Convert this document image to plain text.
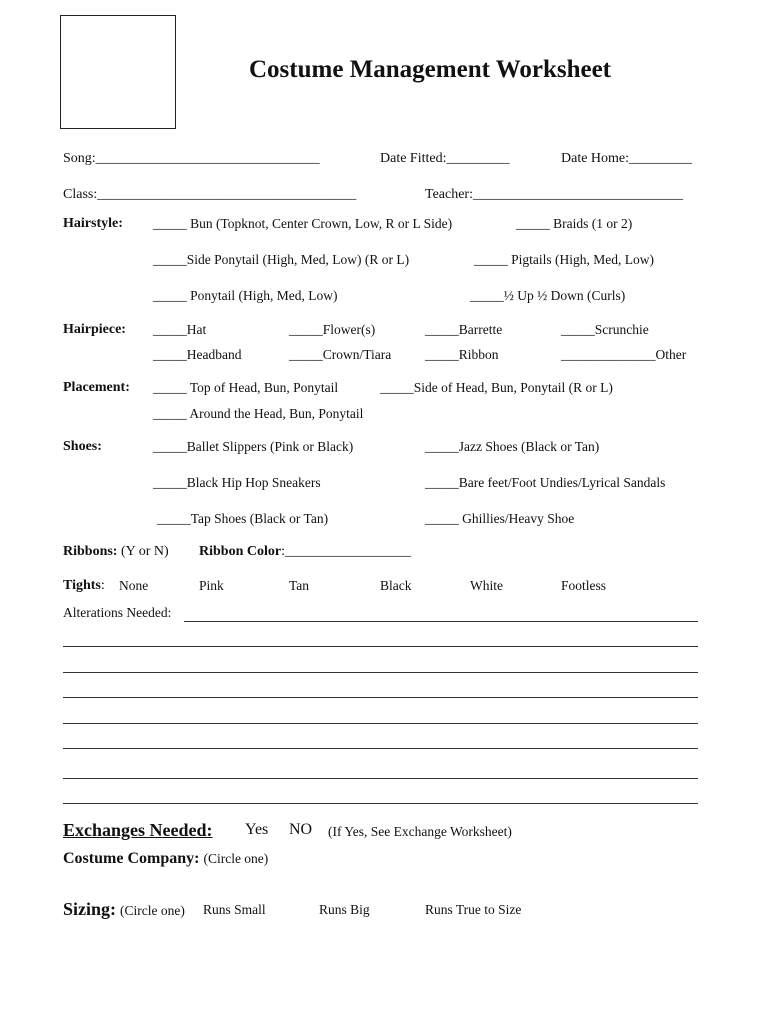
Costume Management Worksheet
Song:________________________________	Date Fitted:_________	Date Home:_________
Class:_____________________________________	Teacher:______________________________
Hairstyle: _____ Bun (Topknot, Center Crown, Low, R or L Side)	_____ Braids (1 or 2)
_____Side Ponytail (High, Med, Low) (R or L)	_____ Pigtails (High, Med, Low)
_____ Ponytail (High, Med, Low)	_____½ Up ½ Down (Curls)
Hairpiece: _____Hat	_____Flower(s)	_____Barrette	_____Scrunchie
_____Headband	_____Crown/Tiara _____Ribbon	______________Other
Placement: _____ Top of Head, Bun, Ponytail	_____Side of Head, Bun, Ponytail (R or L)
_____ Around the Head, Bun, Ponytail
Shoes:	_____Ballet Slippers (Pink or Black)	_____Jazz Shoes (Black or Tan)
_____Black Hip Hop Sneakers	_____Bare feet/Foot Undies/Lyrical Sandals
_____Tap Shoes (Black or Tan)	_____ Ghillies/Heavy Shoe
Ribbons: (Y or N) Ribbon Color:__________________
Tights: None	Pink	Tan	Black	White	Footless
Alterations Needed:
Exchanges Needed: Yes NO (If Yes, See Exchange Worksheet)
Costume Company: (Circle one)
Sizing: (Circle one) Runs Small	Runs Big	Runs True to Size
